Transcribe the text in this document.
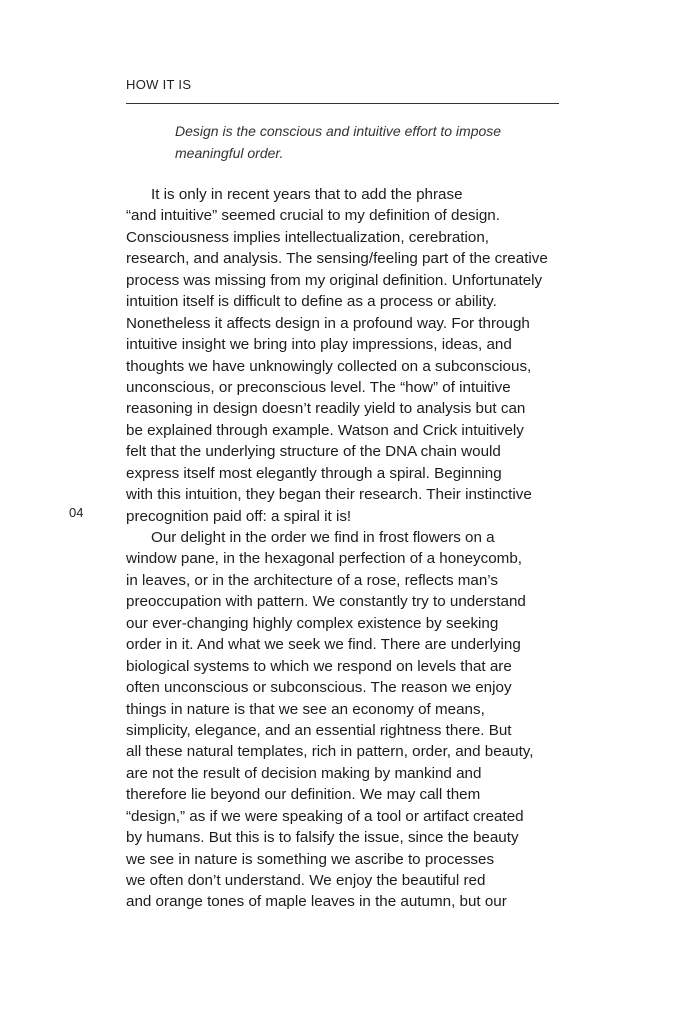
HOW IT IS
Design is the conscious and intuitive effort to impose
meaningful order.
04
It is only in recent years that to add the phrase
“and intuitive” seemed crucial to my definition of design.
Consciousness implies intellectualization, cerebration,
research, and analysis. The sensing/feeling part of the creative
process was missing from my original definition. Unfortunately
intuition itself is difficult to define as a process or ability.
Nonetheless it affects design in a profound way. For through
intuitive insight we bring into play impressions, ideas, and
thoughts we have unknowingly collected on a subconscious,
unconscious, or preconscious level. The “how” of intuitive
reasoning in design doesn’t readily yield to analysis but can
be explained through example. Watson and Crick intuitively
felt that the underlying structure of the DNA chain would
express itself most elegantly through a spiral. Beginning
with this intuition, they began their research. Their instinctive
precognition paid off: a spiral it is!
Our delight in the order we find in frost flowers on a
window pane, in the hexagonal perfection of a honeycomb,
in leaves, or in the architecture of a rose, reflects man’s
preoccupation with pattern. We constantly try to understand
our ever-changing highly complex existence by seeking
order in it. And what we seek we find. There are underlying
biological systems to which we respond on levels that are
often unconscious or subconscious. The reason we enjoy
things in nature is that we see an economy of means,
simplicity, elegance, and an essential rightness there. But
all these natural templates, rich in pattern, order, and beauty,
are not the result of decision making by mankind and
therefore lie beyond our definition. We may call them
“design,” as if we were speaking of a tool or artifact created
by humans. But this is to falsify the issue, since the beauty
we see in nature is something we ascribe to processes
we often don’t understand. We enjoy the beautiful red
and orange tones of maple leaves in the autumn, but our
